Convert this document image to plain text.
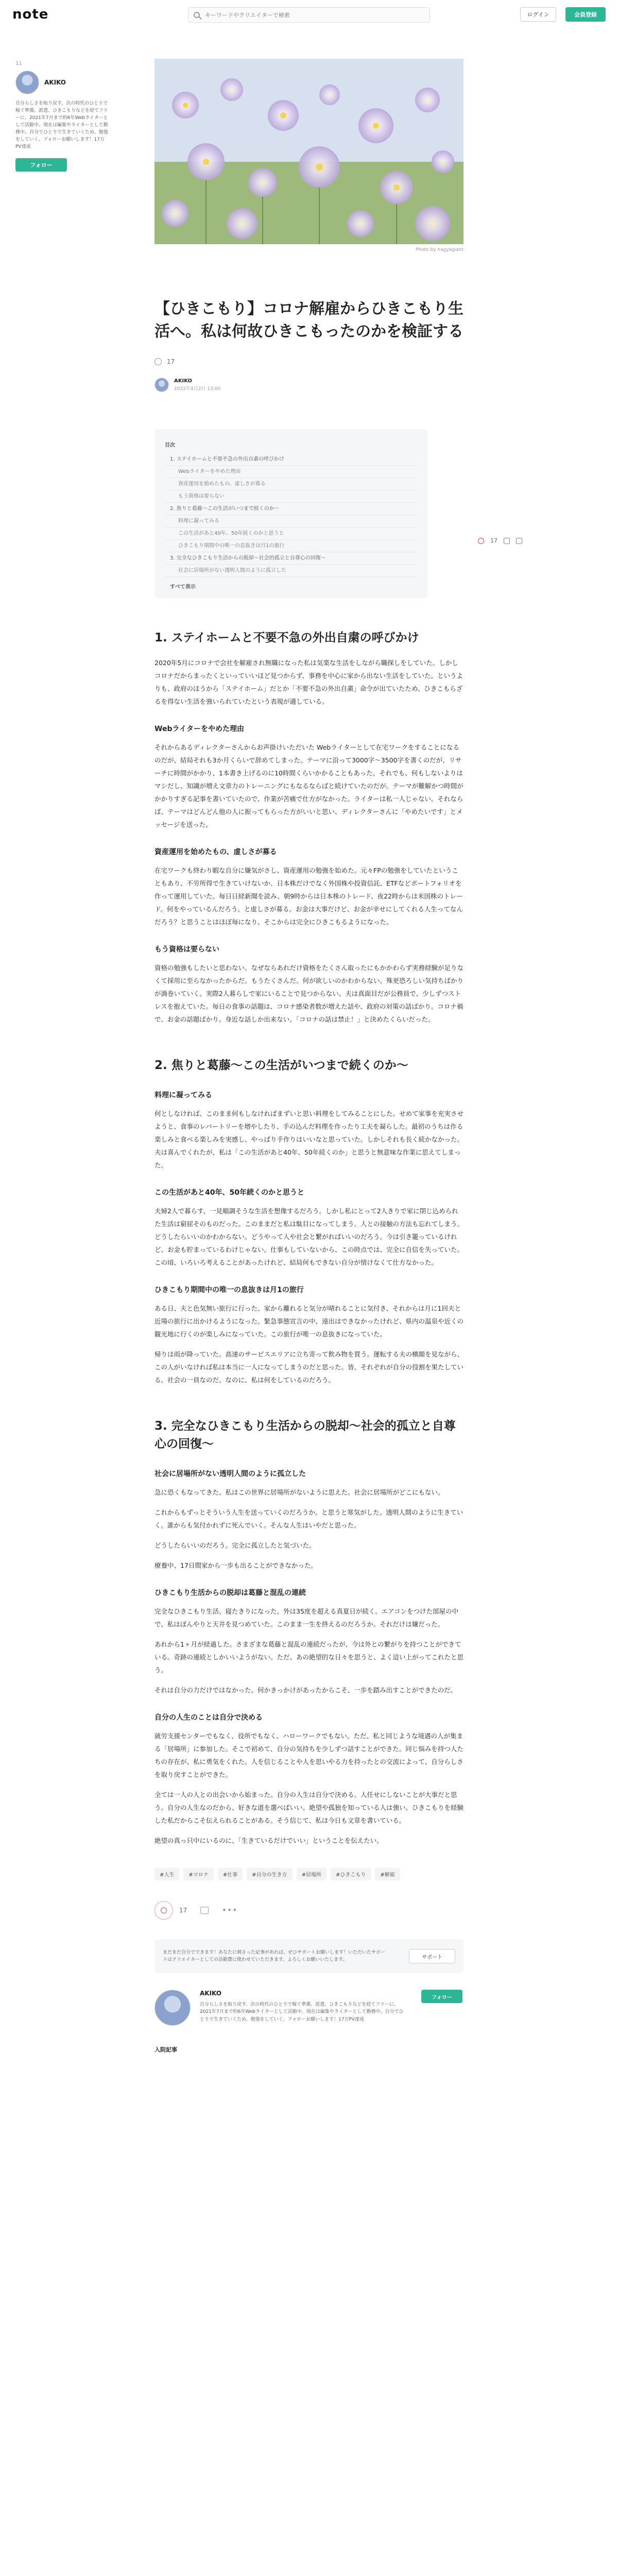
note
キーワードやクリエイターで検索	ログイン	会員登録
11
AKIKO
自分らしさを取り戻す、次の時代のひとりで稼ぐ準備。派遣、ひきこもりなどを経てフリーに。2021年7月まで約6年Webライターとして活動中。現在は編集やライターとして勤務中。自分でひとりで生きていくため、勉強をしていく。フォローお願いします！17万PV達成
フォロー
17
Photo by nagyagiant
【ひきこもり】コロナ解雇からひきこもり生活へ。私は何故ひきこもったのかを検証する
17
AKIKO
2022年4月2日 13:00
目次
1. ステイホームと不要不急の外出自粛の呼びかけ
Webライターをやめた理由
資産運用を始めたもの、虚しさが募る
もう資格は要らない
2. 焦りと葛藤〜この生活がいつまで続くのか〜
料理に凝ってみる
この生活があと40年、50年続くのかと思うと
ひきこもり期間中の唯一の息抜きは月1の旅行
3. 完全なひきこもり生活からの脱却〜社会的孤立と自尊心の回復〜
社会に居場所がない透明人間のように孤立した
すべて表示
1. ステイホームと不要不急の外出自粛の呼びかけ

2020年5月にコロナで会社を解雇され無職になった私は気楽な生活をしながら職探しをしていた。しかしコロナだからまったくといっていいほど見つからず、事務を中心に家から出ない生活をしていた。というよりも、政府のほうから「ステイホーム」だとか「不要不急の外出自粛」命令が出ていたため、ひきこもらざるを得ない生活を強いられていたという表現が適している。

Webライターをやめた理由

それからあるディレクターさんからお声掛けいただいた Webライターとして在宅ワークをすることになるのだが、結局それも3か月くらいで辞めてしまった。テーマに沿って3000字〜3500字を書くのだが、リサーチに時間がかかり、1本書き上げるのに10時間くらいかかることもあった。それでも、何もしないよりはマシだし、知識が増え文章力のトレーニングにもなるならばと続けていたのだが。テーマが難解かつ時間がかかりすぎる記事を書いていたので、作業が苦痛で仕方がなかった。ライターは私一人じゃない。それならば、テーマはどんどん他の人に振ってもらった方がいいと思い、ディレクターさんに「やめたいです」とメッセージを送った。

資産運用を始めたもの、虚しさが募る

在宅ワークも終わり暇な自分に嫌気がさし、資産運用の勉強を始めた。元々FPの勉強をしていたということもあり、不労所得で生きていけないか、日本株だけでなく外国株や投資信託、ETFなどポートフォリオを作って運用していた。毎日日経新聞を読み、朝9時からは日本株のトレード、夜22時からは米国株のトレード。何をやっているんだろう。と虚しさが募る。お金は大事だけど、お金が幸せにしてくれる人生ってなんだろう？と思うことはほぼ毎になり、そこからは完全にひきこもるようになった。

もう資格は要らない

資格の勉強もしたいと思わない。なぜならあれだけ資格をたくさん取ったにもかかわらず実務経験が足りなくて採用に至らなかったからだ。もうたくさんだ。何が欲しいのかわからない。殊更恐ろしい気持ちばかりが渦巻いていく。実際2人暮らしで家にいることで見つからない。夫は真面目だが公務員で、少しずつストレスを抱えていた。毎日の食事の話題は、コロナ感染者数が増えた話や、政府の対策の話ばかり。コロナ禍で、お金の話題ばかり。身近な話しか出来ない。「コロナの話は禁止！」と決めたくらいだった。

2. 焦りと葛藤〜この生活がいつまで続くのか〜
料理に凝ってみる

何としなければ、このまま何もしなければまずいと思い料理をしてみることにした。せめて家事を充実させようと、食事のレパートリーを増やしたり、手の込んだ料理を作ったり工夫を凝らした。最初のうちは作る楽しみと食べる楽しみを実感し、やっぱり手作りはいいなと思っていた。しかしそれも長く続かなかった。夫は喜んでくれたが、私は「この生活があと40年、50年続くのか」と思うと無意味な作業に思えてしまった。

この生活があと40年、50年続くのかと思うと

夫婦2人で暮らす、一見順調そうな生活を想像するだろう。しかし私にとって2人きりで家に閉じ込められた生活は窮屈そのものだった。このままだと私は駄目になってしまう。人との接触の方法も忘れてしまう。どうしたらいいのかわからない。どうやって人や社会と繋がればいいのだろう。今は引き籠っているけれど、お金も貯まっているわけじゃない。仕事もしていないから、この時点では、完全に自信を失っていた。この頃、いろいろ考えることがあったけれど、結局何もできない自分が情けなくて仕方なかった。

ひきこもり期間中の唯一の息抜きは月1の旅行

ある日、夫と色気無い旅行に行った。家から離れると気分が晴れることに気付き、それからは月に1回夫と近場の旅行に出かけるようになった。緊急事態宣言の中、遠出はできなかったけれど、県内の温泉や近くの観光地に行くのが楽しみになっていた。この旅行が唯一の息抜きになっていた。

帰りは雨が降っていた。高速のサービスエリアに立ち寄って飲み物を買う。運転する夫の横顔を見ながら、この人がいなければ私は本当に一人になってしまうのだと思った。皆、それぞれが自分の役割を果たしている。社会の一員なのだ。なのに、私は何をしているのだろう。

3. 完全なひきこもり生活からの脱却〜社会的孤立と自尊心の回復〜
社会に居場所がない透明人間のように孤立した

急に恐くもなってきた。私はこの世界に居場所がないように思えた。社会に居場所がどこにもない。

これからもずっとそういう人生を送っていくのだろうか。と思うと寒気がした。透明人間のように生きていく。誰からも気付かれずに死んでいく。そんな人生はいやだと思った。

どうしたらいいのだろう。完全に孤立したと気づいた。

療養中、17日間家から一歩も出ることができなかった。

ひきこもり生活からの脱却は葛藤と混乱の連続

完全なひきこもり生活、寝たきりになった。外は35度を超える真夏日が続く。エアコンをつけた部屋の中で、私はぼんやりと天井を見つめていた。このまま一生を終えるのだろうか。それだけは嫌だった。

あれから1ヶ月が経過した。さまざまな葛藤と混乱の連続だったが、今は外との繋がりを持つことができている。奇跡の連続としかいいようがない。ただ、あの絶望的な日々を思うと、よく這い上がってこれたと思う。

それは自分の力だけではなかった。何かきっかけがあったからこそ、一歩を踏み出すことができたのだ。

自分の人生のことは自分で決める

就労支援センターでもなく、役所でもなく、ハローワークでもない。ただ、私と同じような境遇の人が集まる「居場所」に参加した。そこで初めて、自分の気持ちを少しずつ話すことができた。同じ悩みを持つ人たちの存在が、私に勇気をくれた。人を信じることや人を思いやる力を持ったとの交流によって、自分らしさを取り戻すことができた。

全ては一人の人との出会いから始まった。自分の人生は自分で決める。人任せにしないことが大事だと思う。自分の人生なのだから、好きな道を選べばいい。絶望や孤独を知っている人は強い。ひきこもりを経験した私だからこそ伝えられることがある。そう信じて、私は今日も文章を書いている。

絶望の真っ只中にいるのに、「生きているだけでいい」ということを伝えたい。

#人生	#コロナ	#仕事	#自分の生き方	#居場所	#ひきこもり	#解雇
17	•••
まだまだ自分でできます！あなたに刺さった記事があれば、ぜひサポートお願いします！いただいたサポートはクリエイターとしての活動費に使わせていただきます。よろしくお願いいたします。	サポート
AKIKO
自分らしさを取り戻す、次の時代のひとりで稼ぐ準備。派遣、ひきこもりなどを経てフリーに。2021年7月まで約6年Webライターとして活動中。現在は編集やライターとして勤務中。自分でひとりで生きていくため、勉強をしていく。フォローお願いします！17万PV達成
フォロー
入院記事
